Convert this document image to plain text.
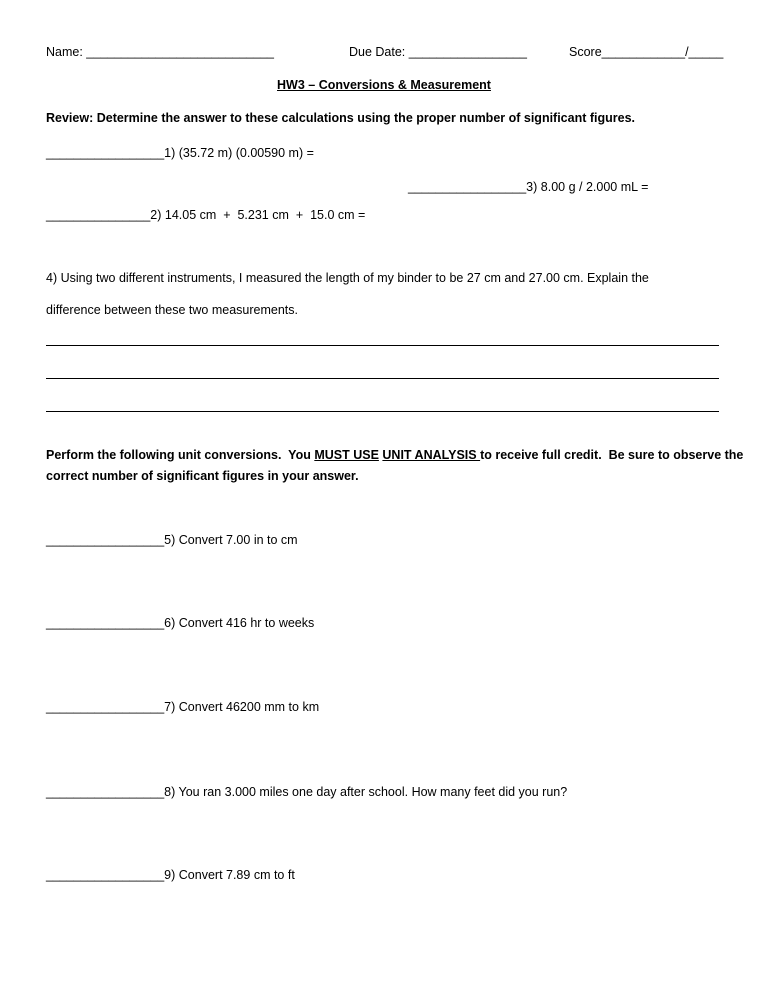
Name: ___________________________	Due Date: _________________	Score____________/_____
HW3 – Conversions & Measurement
Review: Determine the answer to these calculations using the proper number of significant figures.
_________________1) (35.72 m) (0.00590 m) =
_________________3) 8.00 g / 2.000 mL =
_______________2) 14.05 cm  +  5.231 cm  +  15.0 cm =
4) Using two different instruments, I measured the length of my binder to be 27 cm and 27.00 cm. Explain the
difference between these two measurements.
Perform the following unit conversions.  You MUST USE UNIT ANALYSIS to receive full credit.  Be sure to observe the
correct number of significant figures in your answer.
_________________5) Convert 7.00 in to cm
_________________6) Convert 416 hr to weeks
_________________7) Convert 46200 mm to km
_________________8) You ran 3.000 miles one day after school. How many feet did you run?
_________________9) Convert 7.89 cm to ft
